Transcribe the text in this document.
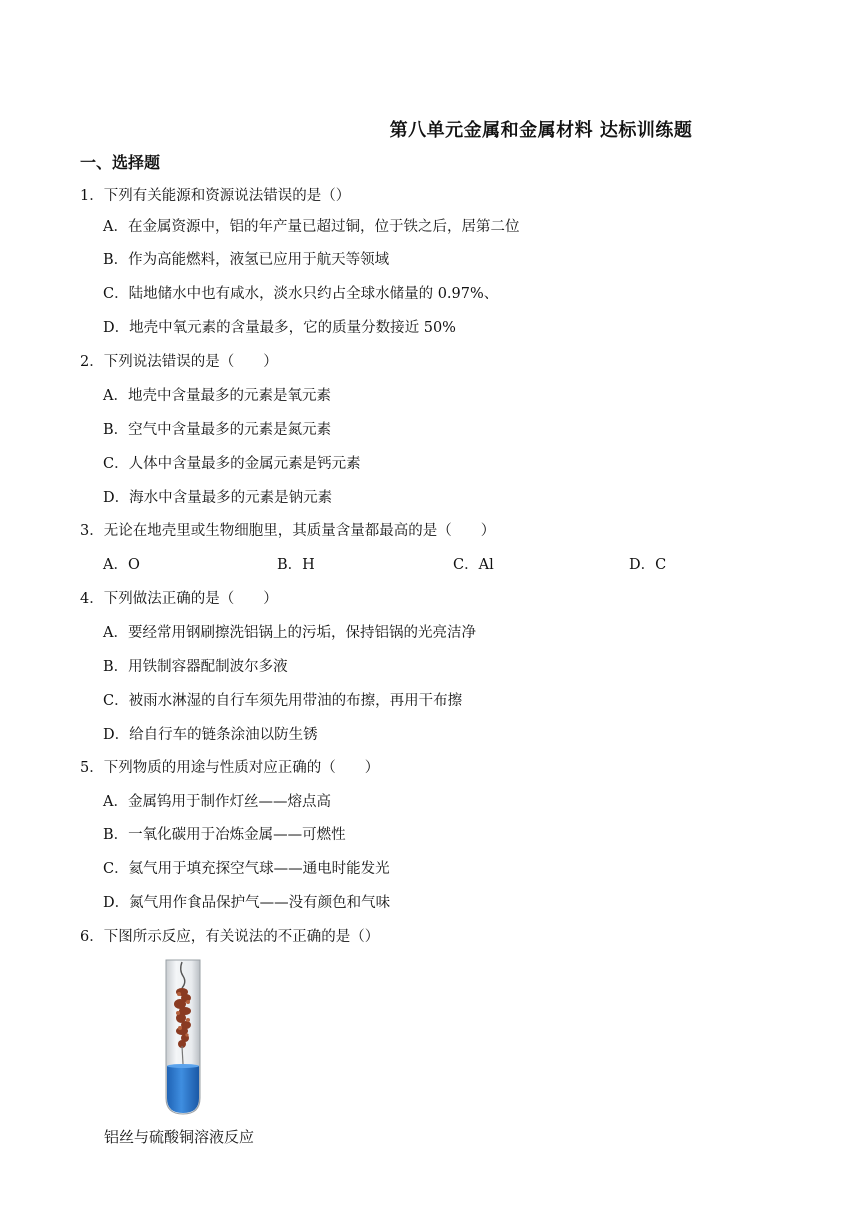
第八单元金属和金属材料 达标训练题
一、选择题
1．下列有关能源和资源说法错误的是（）
A．在金属资源中，铝的年产量已超过铜，位于铁之后，居第二位
B．作为高能燃料，液氢已应用于航天等领域
C．陆地储水中也有咸水，淡水只约占全球水储量的 0.97%、
D．地壳中氧元素的含量最多，它的质量分数接近 50%
2．下列说法错误的是（　　）
A．地壳中含量最多的元素是氧元素
B．空气中含量最多的元素是氮元素
C．人体中含量最多的金属元素是钙元素
D．海水中含量最多的元素是钠元素
3．无论在地壳里或生物细胞里，其质量含量都最高的是（　　）
A．O	B．H	C．Al	D．C
4．下列做法正确的是（　　）
A．要经常用钢刷擦洗铝锅上的污垢，保持铝锅的光亮洁净
B．用铁制容器配制波尔多液
C．被雨水淋湿的自行车须先用带油的布擦，再用干布擦
D．给自行车的链条涂油以防生锈
5．下列物质的用途与性质对应正确的（　　）
A．金属钨用于制作灯丝——熔点高
B．一氧化碳用于冶炼金属——可燃性
C．氦气用于填充探空气球——通电时能发光
D．氮气用作食品保护气——没有颜色和气味
6．下图所示反应，有关说法的不正确的是（）
铝丝与硫酸铜溶液反应
